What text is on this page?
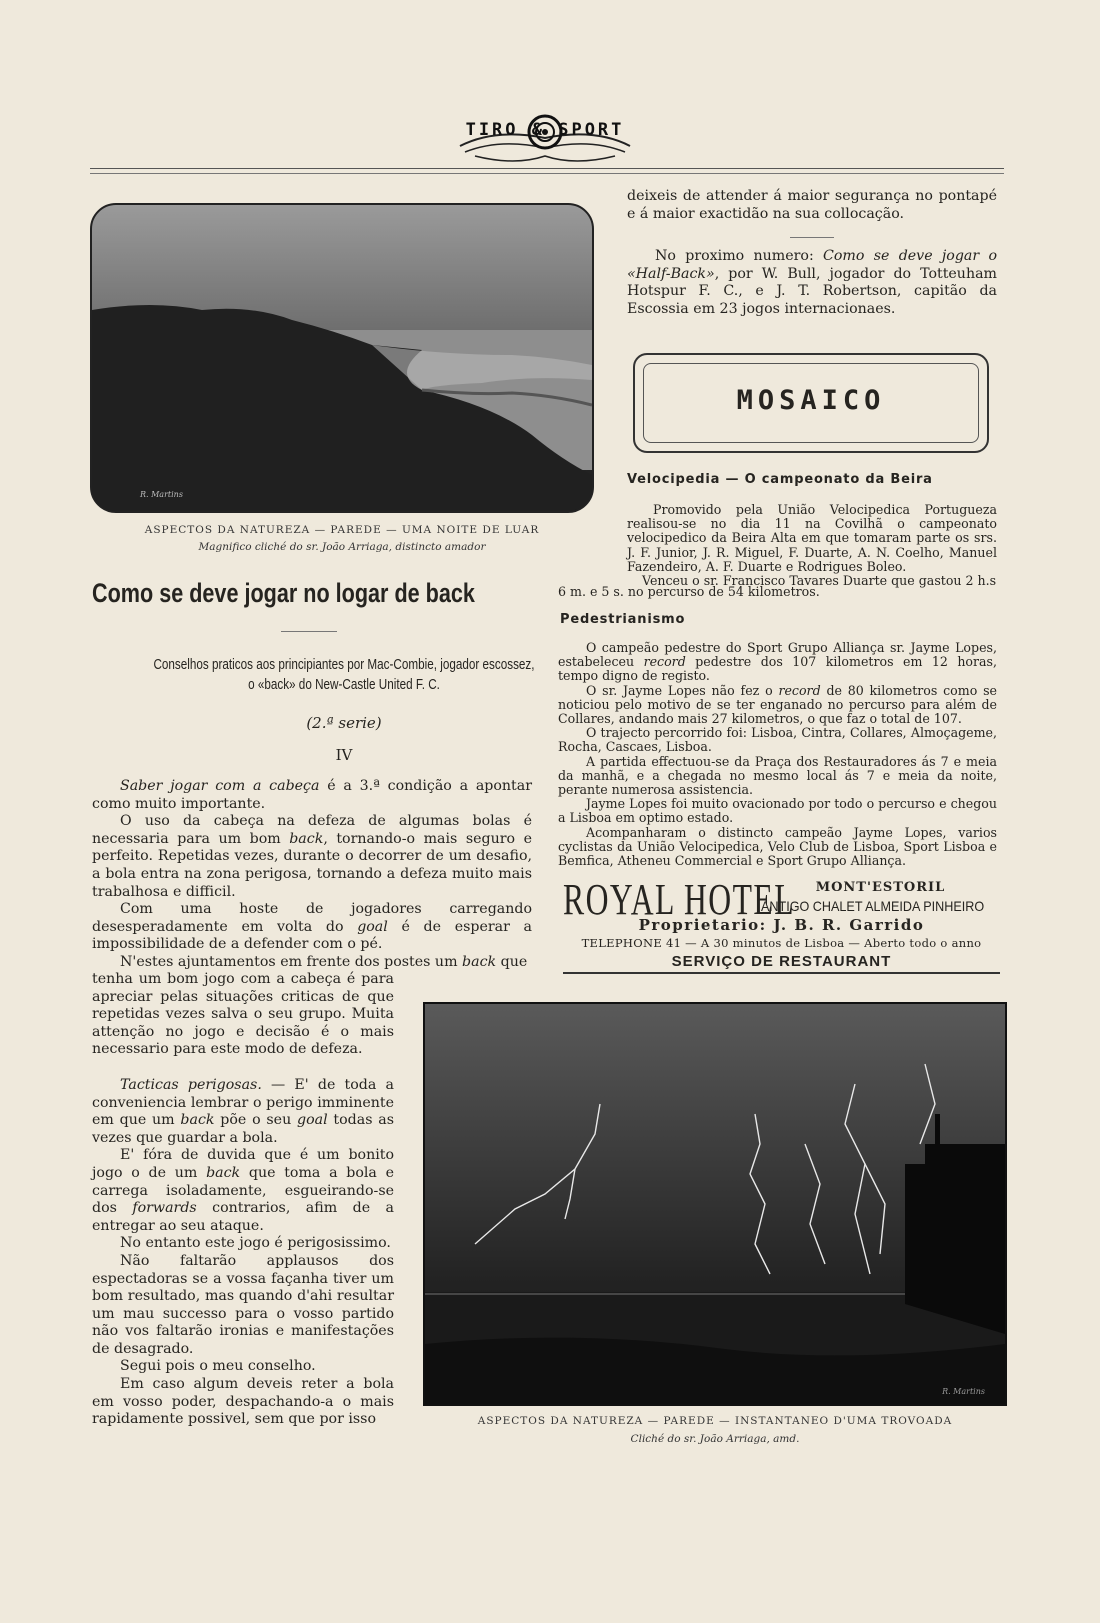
TIRO & SPORT
R. Martins
ASPECTOS DA NATUREZA — PAREDE — UMA NOITE DE LUAR
Magnifico cliché do sr. João Arriaga, distincto amador
Como se deve jogar no logar de back
Conselhos praticos aos principiantes por Mac-Combie, jogador escossez,
o «back» do New-Castle United F. C.
(2.ª serie)
IV

Saber jogar com a cabeça é a 3.ª condição a apontar como muito importante.

O uso da cabeça na defeza de algumas bolas é necessaria para um bom back, tornando-o mais seguro e perfeito. Repetidas vezes, durante o decorrer de um desafio, a bola entra na zona perigosa, tornando a defeza muito mais trabalhosa e difficil.

Com uma hoste de jogadores carregando desesperadamente em volta do goal é de esperar a impossibilidade de a defender com o pé.

N'estes ajuntamentos em frente dos postes um back que

tenha um bom jogo com a cabeça é para apreciar pelas situações criticas de que repetidas vezes salva o seu grupo. Muita attenção no jogo e decisão é o mais necessario para este modo de defeza.

Tacticas perigosas. — E' de toda a conveniencia lembrar o perigo imminente em que um back põe o seu goal todas as vezes que guardar a bola.

E' fóra de duvida que é um bonito jogo o de um back que toma a bola e carrega isoladamente, esgueirando-se dos forwards contrarios, afim de a entregar ao seu ataque.

No entanto este jogo é perigosissimo.

Não faltarão applausos dos espectadoras se a vossa façanha tiver um bom resultado, mas quando d'ahi resultar um mau successo para o vosso partido não vos faltarão ironias e manifestações de desagrado.

Segui pois o meu conselho.

Em caso algum deveis reter a bola em vosso poder, despachando-a o mais rapidamente possivel, sem que por isso

deixeis de attender á maior segurança no pontapé e á maior exactidão na sua collocação.

No proximo numero: Como se deve jogar o «Half-Back», por W. Bull, jogador do Totteuham Hotspur F. C., e J. T. Robertson, capitão da Escossia em 23 jogos internacionaes.

MOSAICO
Velocipedia — O campeonato da Beira

Promovido pela União Velocipedica Portugueza realisou-se no dia 11 na Covilhã o campeonato velocipedico da Beira Alta em que tomaram parte os srs. J. F. Junior, J. R. Miguel, F. Duarte, A. N. Coelho, Manuel Fazendeiro, A. F. Duarte e Rodrigues Boleo.

Venceu o sr. Francisco Tavares Duarte que gastou 2 h.s

6 m. e 5 s. no percurso de 54 kilometros.
Pedestrianismo

O campeão pedestre do Sport Grupo Alliança sr. Jayme Lopes, estabeleceu record pedestre dos 107 kilometros em 12 horas, tempo digno de registo.

O sr. Jayme Lopes não fez o record de 80 kilometros como se noticiou pelo motivo de se ter enganado no percurso para além de Collares, andando mais 27 kilometros, o que faz o total de 107.

O trajecto percorrido foi: Lisboa, Cintra, Collares, Almoçageme, Rocha, Cascaes, Lisboa.

A partida effectuou-se da Praça dos Restauradores ás 7 e meia da manhã, e a chegada no mesmo local ás 7 e meia da noite, perante numerosa assistencia.

Jayme Lopes foi muito ovacionado por todo o percurso e chegou a Lisboa em optimo estado.

Acompanharam o distincto campeão Jayme Lopes, varios cyclistas da União Velocipedica, Velo Club de Lisboa, Sport Lisboa e Bemfica, Atheneu Commercial e Sport Grupo Alliança.

ROYAL HOTEL	MONT'ESTORIL
ANTIGO CHALET ALMEIDA PINHEIRO
Proprietario: J. B. R. Garrido
TELEPHONE 41 — A 30 minutos de Lisboa — Aberto todo o anno
SERVIÇO DE RESTAURANT
R. Martins
ASPECTOS DA NATUREZA — PAREDE — INSTANTANEO D'UMA TROVOADA
Cliché do sr. João Arriaga, amd.
